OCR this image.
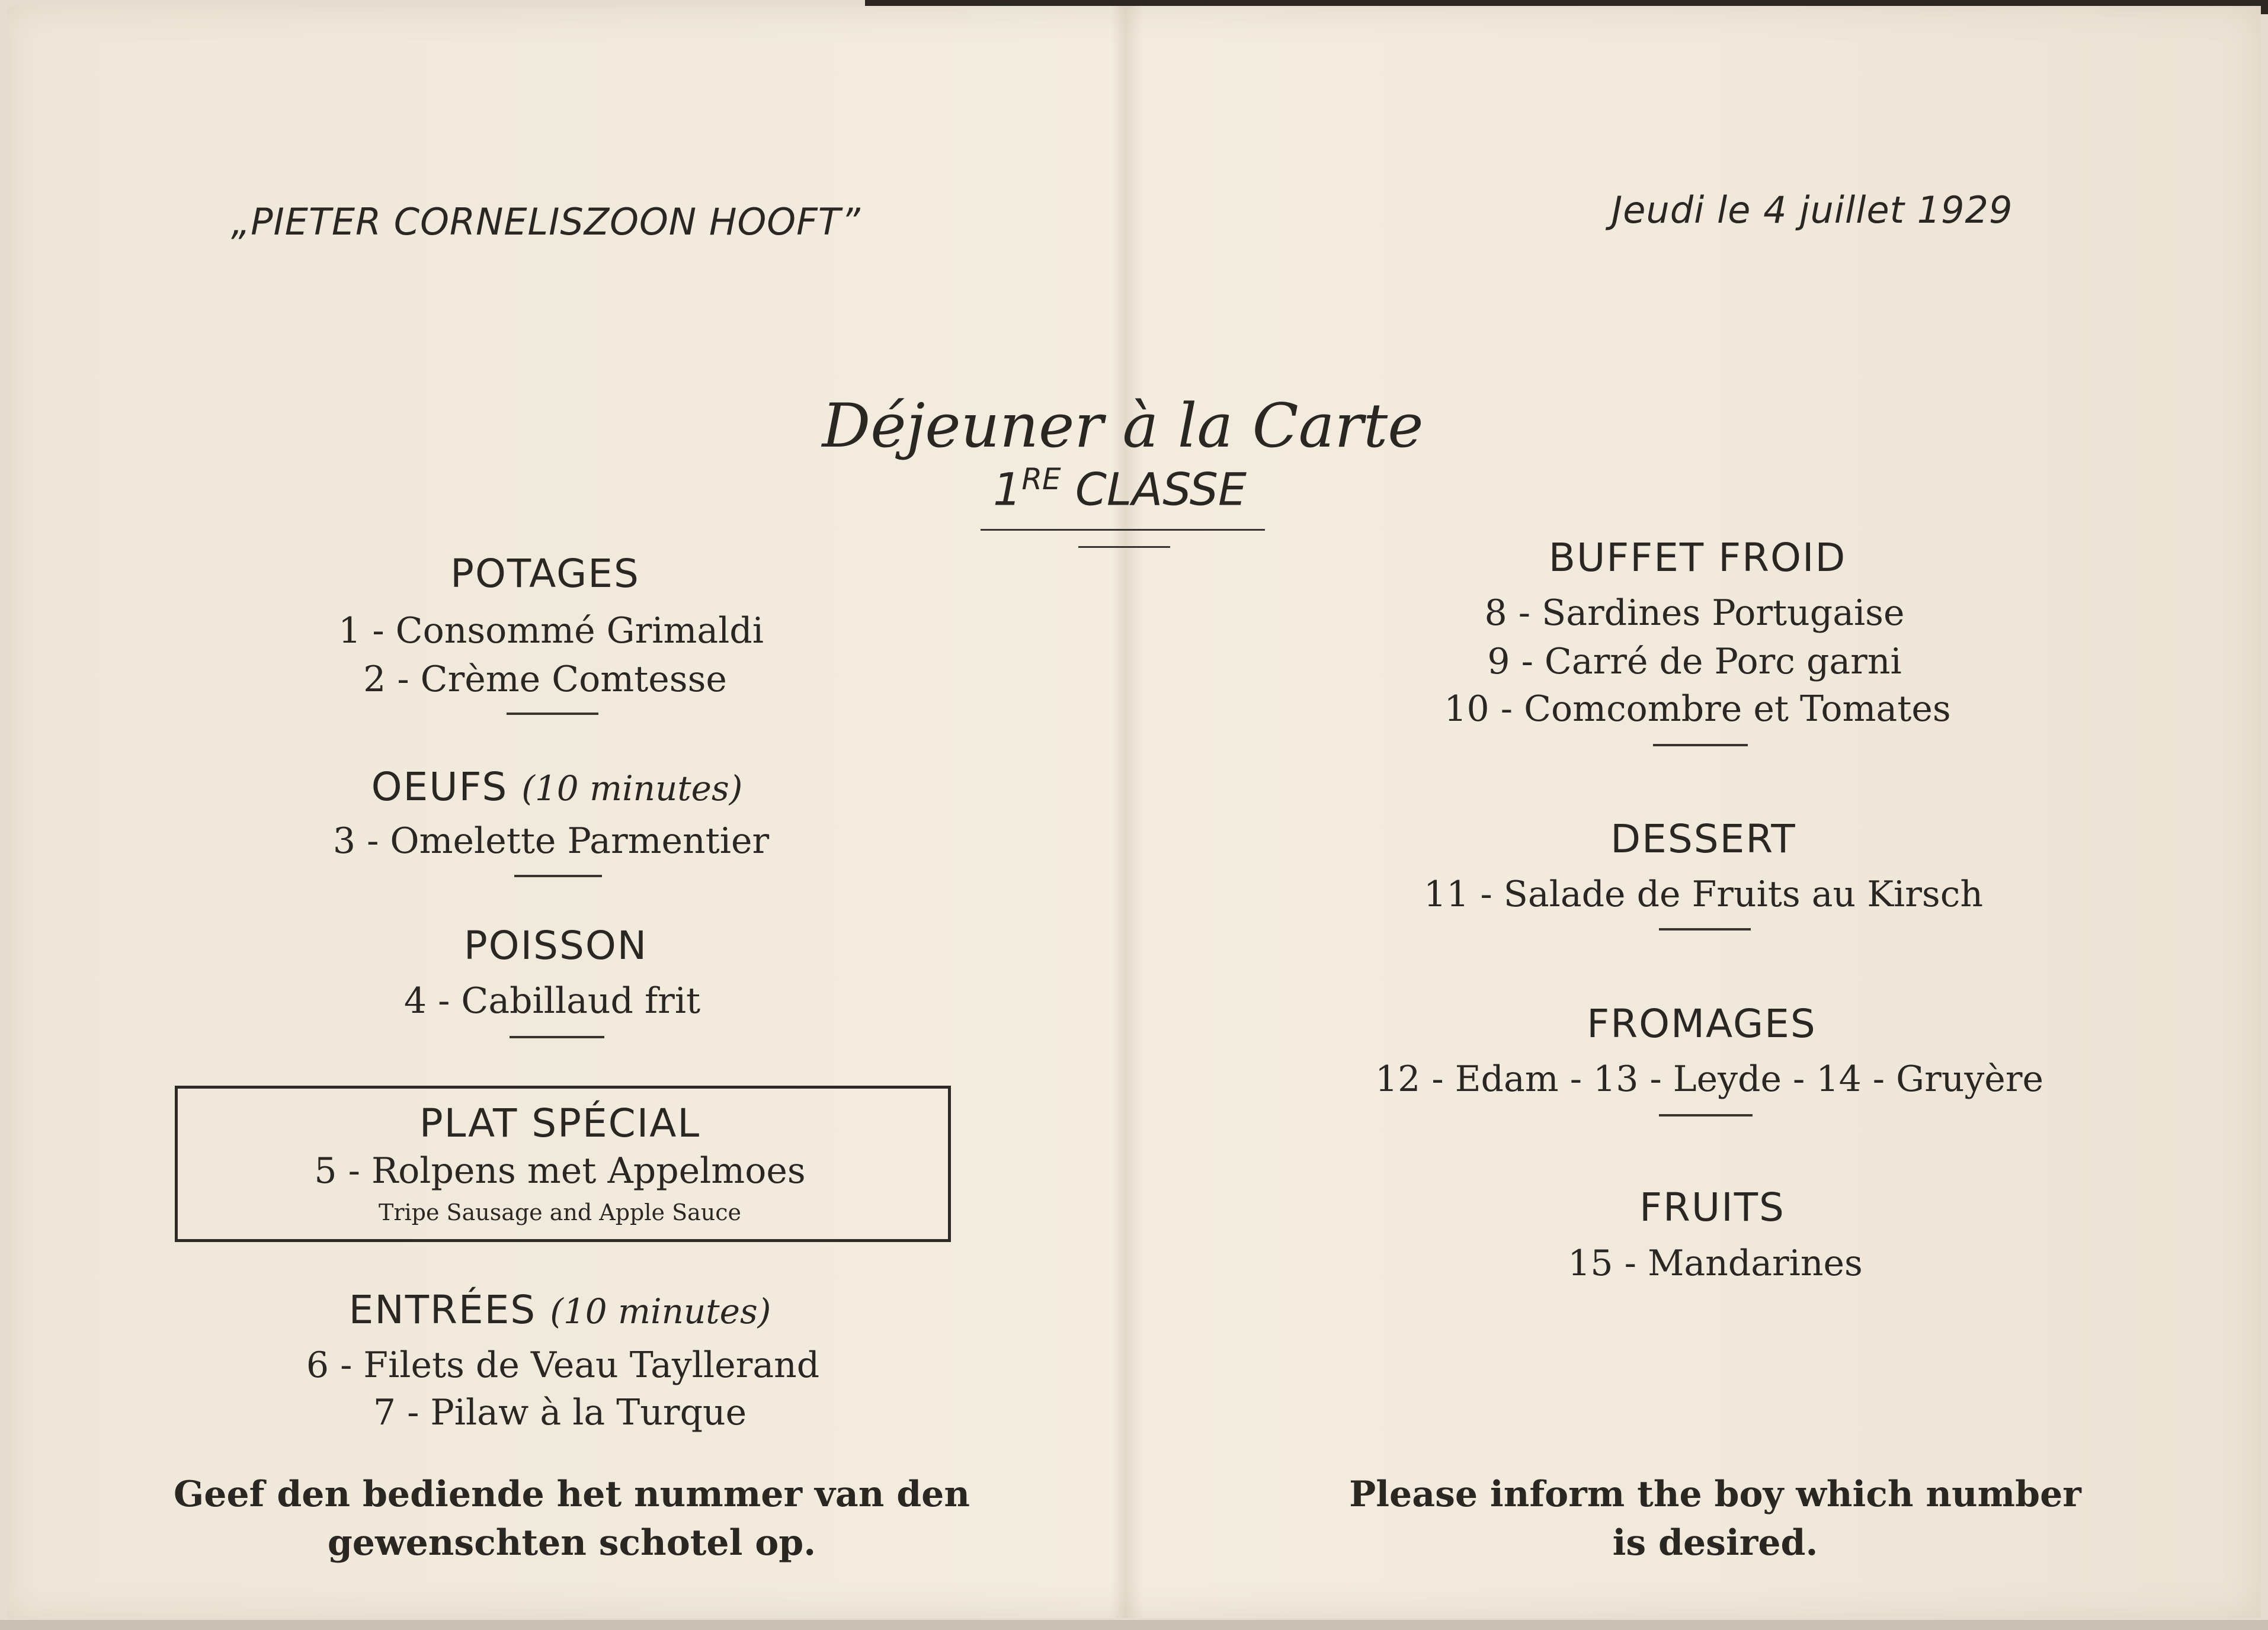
„PIETER CORNELISZOON HOOFT”	Jeudi le 4 juillet 1929
Déjeuner à la Carte
1RE CLASSE
POTAGES
1 - Consommé Grimaldi
2 - Crème Comtesse
OEUFS (10 minutes)
3 - Omelette Parmentier
POISSON
4 - Cabillaud frit
PLAT SPÉCIAL
5 - Rolpens met Appelmoes
Tripe Sausage and Apple Sauce
ENTRÉES (10 minutes)
6 - Filets de Veau Tayllerand
7 - Pilaw à la Turque
Geef den bediende het nummer van den
gewenschten schotel op.
BUFFET FROID
8 - Sardines Portugaise
9 - Carré de Porc garni
10 - Comcombre et Tomates
DESSERT
11 - Salade de Fruits au Kirsch
FROMAGES
12 - Edam - 13 - Leyde - 14 - Gruyère
FRUITS
15 - Mandarines
Please inform the boy which number
is desired.
